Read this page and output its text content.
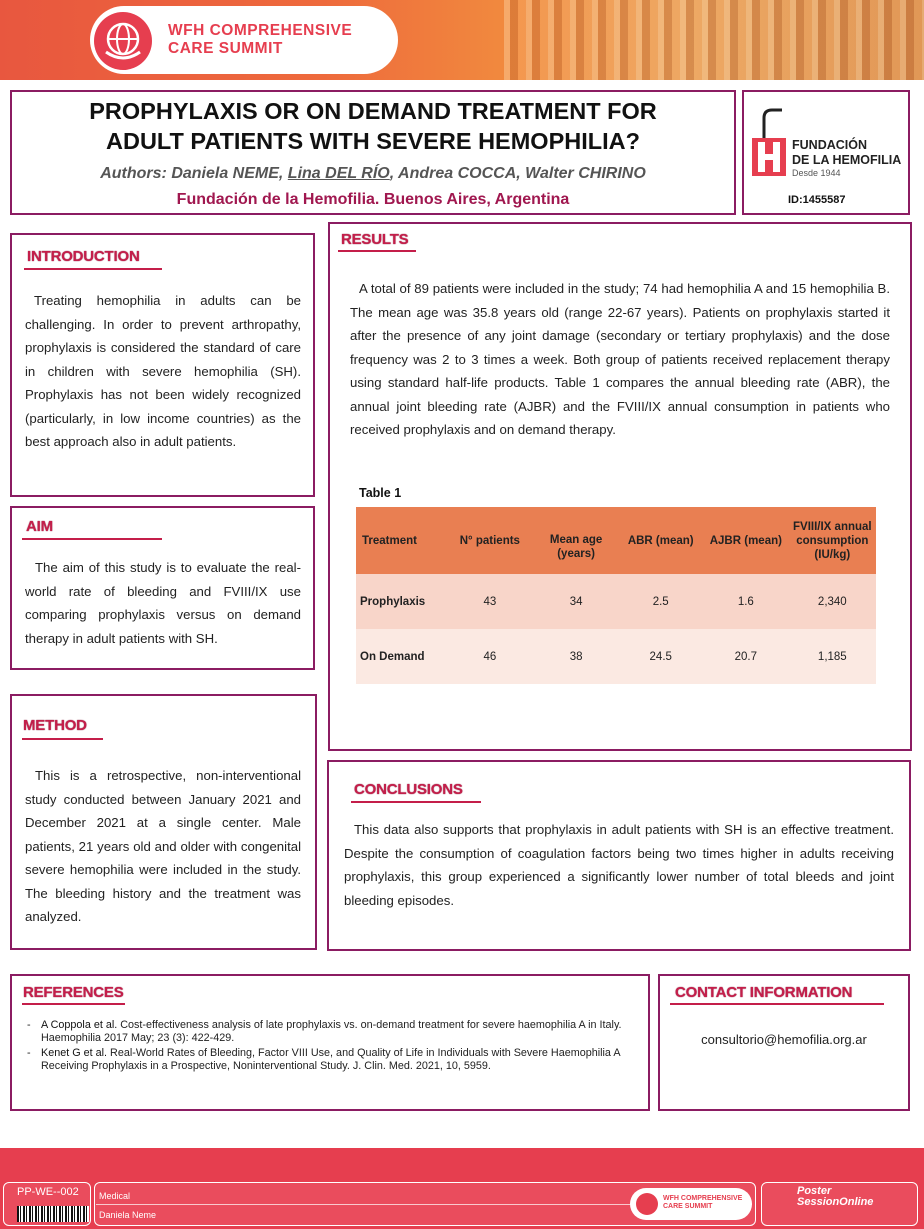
WFH COMPREHENSIVE
CARE SUMMIT
PROPHYLAXIS OR ON DEMAND TREATMENT FOR
ADULT PATIENTS WITH SEVERE HEMOPHILIA?
Authors: Daniela NEME, Lina DEL RÍO, Andrea COCCA, Walter CHIRINO
Fundación de la Hemofilia. Buenos Aires, Argentina
FUNDACIÓN
DE LA HEMOFILIA
Desde 1944
ID:1455587
INTRODUCTION
Treating hemophilia in adults can be challenging. In order to prevent arthropathy, prophylaxis is considered the standard of care in children with severe hemophilia (SH). Prophylaxis has not been widely recognized (particularly, in low income countries) as the best approach also in adult patients.
AIM
The aim of this study is to evaluate the real-world rate of bleeding and FVIII/IX use comparing prophylaxis versus on demand therapy in adult patients with SH.
METHOD
This is a retrospective, non-interventional study conducted between January 2021 and December 2021 at a single center. Male patients, 21 years old and older with congenital severe hemophilia were included in the study. The bleeding history and the treatment was analyzed.
RESULTS
A total of 89 patients were included in the study; 74 had hemophilia A and 15 hemophilia B. The mean age was 35.8 years old (range 22-67 years). Patients on prophylaxis started it after the presence of any joint damage (secondary or tertiary prophylaxis) and the dose frequency was 2 to 3 times a week. Both group of patients received replacement therapy using standard half-life products. Table 1 compares the annual bleeding rate (ABR), the annual joint bleeding rate (AJBR) and the FVIII/IX annual consumption in patients who received prophylaxis and on demand therapy.
Table 1
Treatment	N° patients	Mean age (years)	ABR (mean)	AJBR (mean)	FVIII/IX annual consumption (IU/kg)
Prophylaxis	43	34	2.5	1.6	2,340
On Demand	46	38	24.5	20.7	1,185
CONCLUSIONS
This data also supports that prophylaxis in adult patients with SH is an effective treatment. Despite the consumption of coagulation factors being two times higher in adults receiving prophylaxis, this group experienced a significantly lower number of total bleeds and joint bleeding episodes.
REFERENCES
- A Coppola et al. Cost-effectiveness analysis of late prophylaxis vs. on-demand treatment for severe haemophilia A in Italy. Haemophilia 2017 May; 23 (3): 422-429.
- Kenet G et al. Real-World Rates of Bleeding, Factor VIII Use, and Quality of Life in Individuals with Severe Haemophilia A Receiving Prophylaxis in a Prospective, Noninterventional Study. J. Clin. Med. 2021, 10, 5959.
CONTACT INFORMATION
consultorio@hemofilia.org.ar
PP-WE--002 Medical
Daniela Neme
WFH COMPREHENSIVE
CARE SUMMIT
Poster
SessionOnline
